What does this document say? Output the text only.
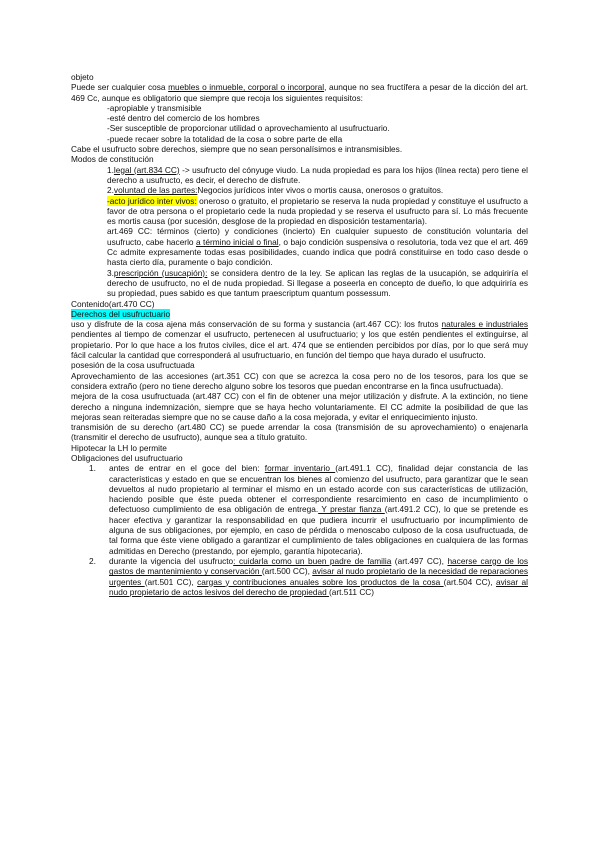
objeto

Puede ser cualquier cosa muebles o inmueble, corporal o incorporal, aunque no sea fructífera a pesar de la dicción del art. 469 Cc, aunque es obligatorio que siempre que recoja los siguientes requisitos:

-apropiable y transmisible

-esté dentro del comercio de los hombres

-Ser susceptible de proporcionar utilidad o aprovechamiento al usufructuario.

-puede recaer sobre la totalidad de la cosa o sobre parte de ella

Cabe el usufructo sobre derechos, siempre que no sean personalísimos e intransmisibles.

Modos de constitución

1.legal (art.834 CC) -> usufructo del cónyuge viudo. La nuda propiedad es para los hijos (línea recta) pero tiene el derecho a usufructo, es decir, el derecho de disfrute.

2.voluntad de las partes:Negocios jurídicos inter vivos o mortis causa, onerosos o gratuitos.

-acto jurídico inter vivos: oneroso o gratuito, el propietario se reserva la nuda propiedad y constituye el usufructo a favor de otra persona o el propietario cede la nuda propiedad y se reserva el usufructo para sí. Lo más frecuente es mortis causa (por sucesión, desglose de la propiedad en disposición testamentaria).

art.469 CC: términos (cierto) y condiciones (incierto) En cualquier supuesto de constitución voluntaria del usufructo, cabe hacerlo a término inicial o final, o bajo condición suspensiva o resolutoria, toda vez que el art. 469 Cc admite expresamente todas esas posibilidades, cuando indica que podrá constituirse en todo caso desde o hasta cierto día, puramente o bajo condición.

3.prescripción (usucapión): se considera dentro de la ley. Se aplican las reglas de la usucapión, se adquiriría el derecho de usufructo, no el de nuda propiedad. Si llegase a poseerla en concepto de dueño, lo que adquiriría es su propiedad, pues sabido es que tantum praescriptum quantum possessum.

Contenido(art.470 CC)

Derechos del usufructuario

uso y disfrute de la cosa ajena más conservación de su forma y sustancia (art.467 CC): los frutos naturales e industriales pendientes al tiempo de comenzar el usufructo, pertenecen al usufructuario; y los que estén pendientes el extinguirse, al propietario. Por lo que hace a los frutos civiles, dice el art. 474 que se entienden percibidos por días, por lo que será muy fácil calcular la cantidad que corresponderá al usufructuario, en función del tiempo que haya durado el usufructo.

posesión de la cosa usufructuada

Aprovechamiento de las accesiones (art.351 CC) con que se acrezca la cosa pero no de los tesoros, para los que se considera extraño (pero no tiene derecho alguno sobre los tesoros que puedan encontrarse en la finca usufructuada).

mejora de la cosa usufructuada (art.487 CC) con el fin de obtener una mejor utilización y disfrute. A la extinción, no tiene derecho a ninguna indemnización, siempre que se haya hecho voluntariamente. El CC admite la posibilidad de que las mejoras sean reiteradas siempre que no se cause daño a la cosa mejorada, y evitar el enriquecimiento injusto.

transmisión de su derecho (art.480 CC) se puede arrendar la cosa (transmisión de su aprovechamiento) o enajenarla (transmitir el derecho de usufructo), aunque sea a título gratuito.

Hipotecar la LH lo permite

Obligaciones del usufructuario

1. antes de entrar en el goce del bien: formar inventario (art.491.1 CC), finalidad dejar constancia de las características y estado en que se encuentran los bienes al comienzo del usufructo, para garantizar que le sean devueltos al nudo propietario al terminar el mismo en un estado acorde con sus características de utilización, haciendo posible que éste pueda obtener el correspondiente resarcimiento en caso de incumplimiento o defectuoso cumplimiento de esa obligación de entrega. Y prestar fianza (art.491.2 CC), lo que se pretende es hacer efectiva y garantizar la responsabilidad en que pudiera incurrir el usufructuario por incumplimiento de alguna de sus obligaciones, por ejemplo, en caso de pérdida o menoscabo culposo de la cosa usufructuada, de tal forma que éste viene obligado a garantizar el cumplimiento de tales obligaciones en cualquiera de las formas admitidas en Derecho (prestando, por ejemplo, garantía hipotecaria).

2. durante la vigencia del usufructo: cuidarla como un buen padre de familia (art.497 CC), hacerse cargo de los gastos de mantenimiento y conservación (art.500 CC), avisar al nudo propietario de la necesidad de reparaciones urgentes (art.501 CC), cargas y contribuciones anuales sobre los productos de la cosa (art.504 CC), avisar al nudo propietario de actos lesivos del derecho de propiedad (art.511 CC)
